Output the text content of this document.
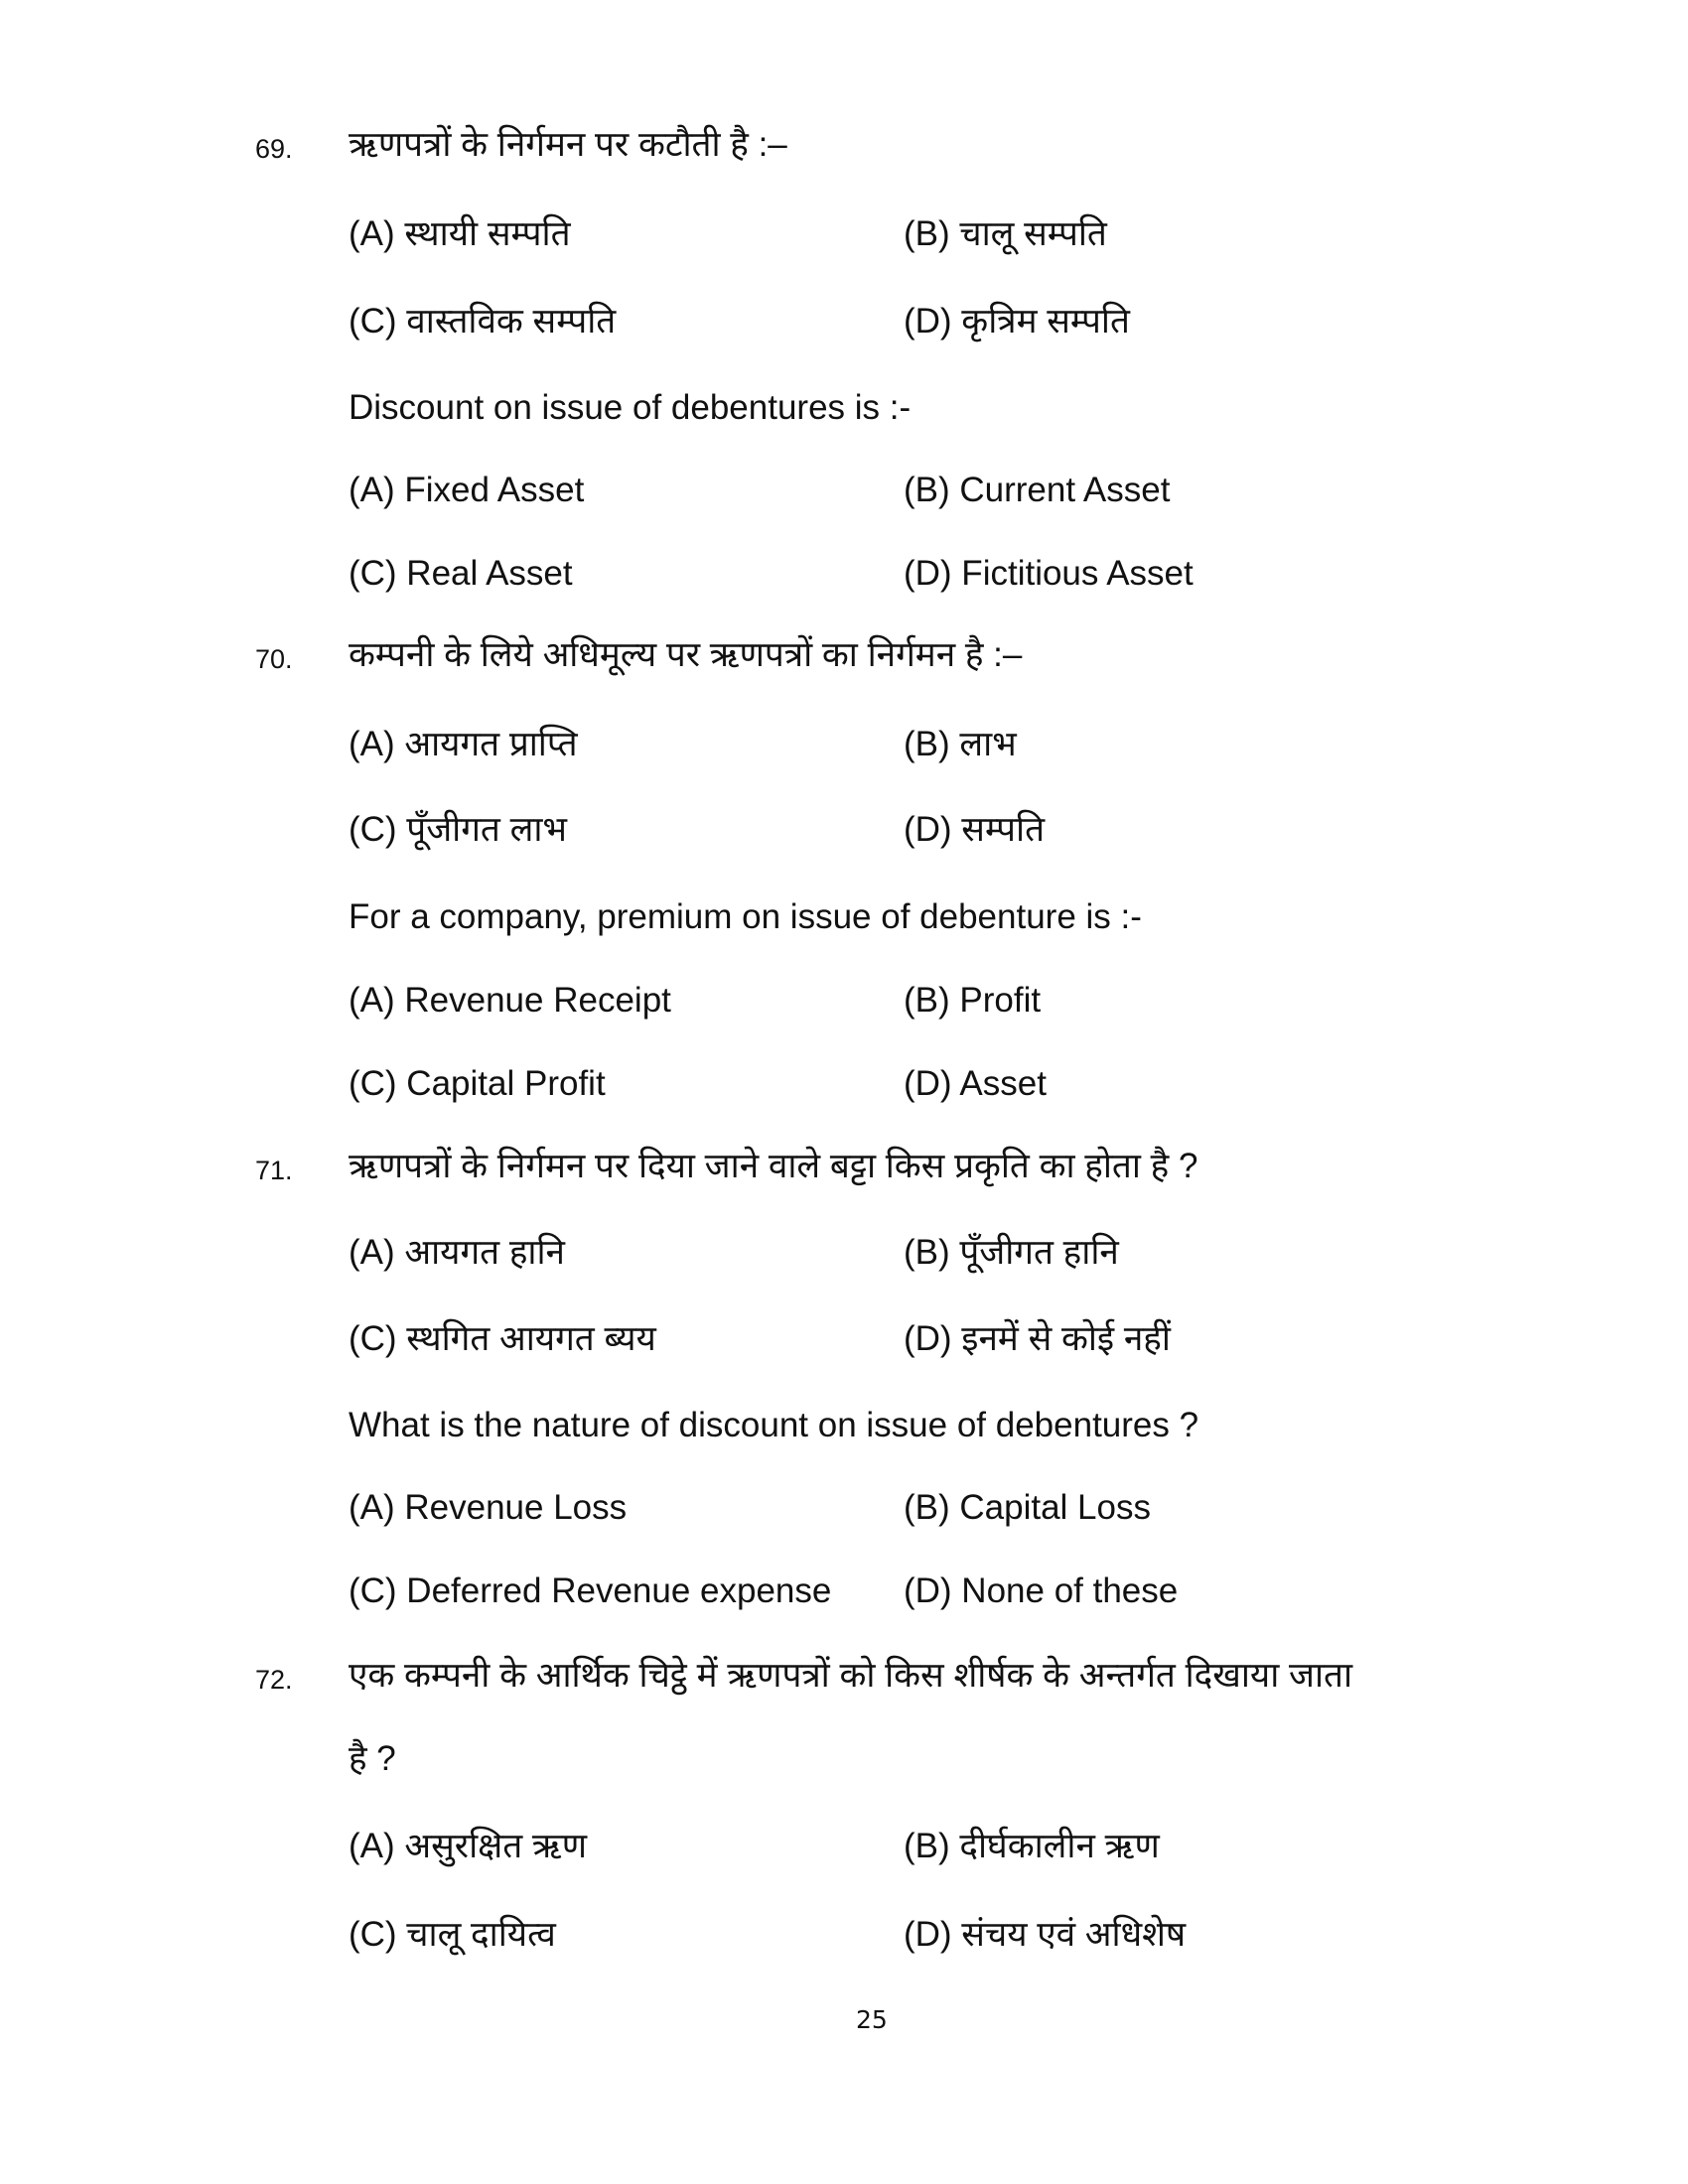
69. ऋणपत्रों के निर्गमन पर कटौती है :–
(A) स्थायी सम्पति	(B) चालू सम्पति
(C) वास्तविक सम्पति	(D) कृत्रिम सम्पति
Discount on issue of debentures is :-
(A) Fixed Asset	(B) Current Asset
(C) Real Asset	(D) Fictitious Asset
70. कम्पनी के लिये अधिमूल्य पर ऋणपत्रों का निर्गमन है :–
(A) आयगत प्राप्ति	(B) लाभ
(C) पूँजीगत लाभ	(D) सम्पति
For a company, premium on issue of debenture is :-
(A) Revenue Receipt	(B) Profit
(C) Capital Profit	(D) Asset
71. ऋणपत्रों के निर्गमन पर दिया जाने वाले बट्टा किस प्रकृति का होता है ?
(A) आयगत हानि	(B) पूँजीगत हानि
(C) स्थगित आयगत ब्यय	(D) इनमें से कोई नहीं
What is the nature of discount on issue of debentures ?
(A) Revenue Loss	(B) Capital Loss
(C) Deferred Revenue expense (D) None of these
72. एक कम्पनी के आर्थिक चिट्ठे में ऋणपत्रों को किस शीर्षक के अन्तर्गत दिखाया जाता
है ?
(A) असुरक्षित ऋण	(B) दीर्घकालीन ऋण
(C) चालू दायित्व	(D) संचय एवं अधिशेष
25
